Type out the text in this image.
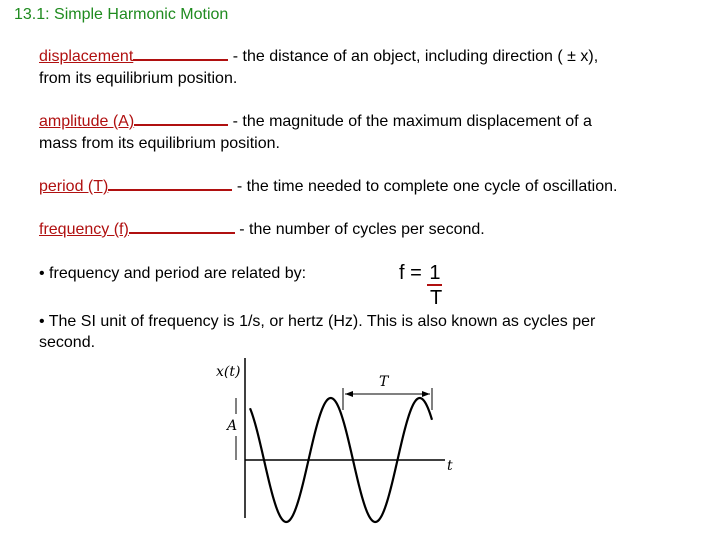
13.1: Simple Harmonic Motion
displacement	- the distance of an object, including direction ( ± x),
from its equilibrium position.
amplitude (A)	- the magnitude of the maximum displacement of a
mass from its equilibrium position.
period (T)	- the time needed to complete one cycle of oscillation.
frequency (f)	- the number of cycles per second.
• frequency and period are related by:	f = 1
T
• The SI unit of frequency is 1/s, or hertz (Hz). This is also known as cycles per
second.
x(t)
t
T
A
